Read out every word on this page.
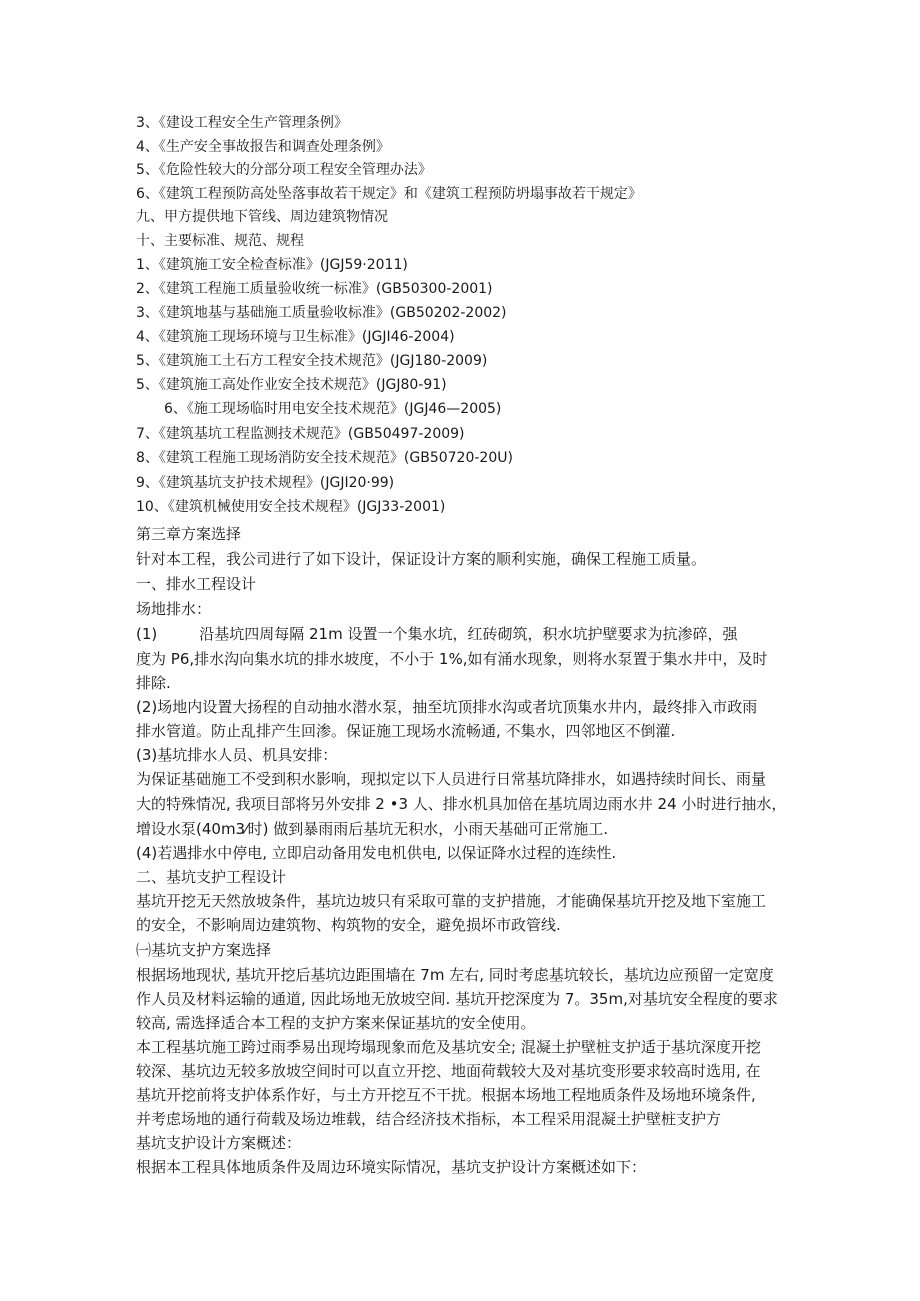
3、《建设工程安全生产管理条例》
4、《生产安全事故报告和调查处理条例》
5、《危险性较大的分部分项工程安全管理办法》
6、《建筑工程预防高处坠落事故若干规定》和《建筑工程预防坍塌事故若干规定》
九、甲方提供地下管线、周边建筑物情况
十、主要标准、规范、规程
1、《建筑施工安全检查标准》(JGJ59·2011)
2、《建筑工程施工质量验收统一标准》(GB50300-2001)
3、《建筑地基与基础施工质量验收标准》(GB50202-2002)
4、《建筑施工现场环境与卫生标准》(JGJI46-2004)
5、《建筑施工土石方工程安全技术规范》(JGJ180-2009)
5、《建筑施工高处作业安全技术规范》(JGJ80-91)
6、《施工现场临时用电安全技术规范》(JGJ46—2005)
7、《建筑基坑工程监测技术规范》(GB50497-2009)
8、《建筑工程施工现场消防安全技术规范》(GB50720-20U)
9、《建筑基坑支护技术规程》(JGJI20·99)
10、《建筑机械使用安全技术规程》(JGJ33-2001)
第三章方案选择
针对本工程，我公司进行了如下设计，保证设计方案的顺利实施，确保工程施工质量。
一、排水工程设计
场地排水：
(1)	沿基坑四周每隔 21m 设置一个集水坑，红砖砌筑，积水坑护壁要求为抗渗碎，强
度为 P6,排水沟向集水坑的排水坡度，不小于 1%,如有涌水现象，则将水泵置于集水井中，及时
排除.
(2)场地内设置大扬程的自动抽水潜水泵，抽至坑顶排水沟或者坑顶集水井内，最终排入市政雨
排水管道。防止乱排产生回渗。保证施工现场水流畅通, 不集水，四邻地区不倒灌.
(3)基坑排水人员、机具安排：
为保证基础施工不受到积水影响，现拟定以下人员进行日常基坑降排水，如遇持续时间长、雨量
大的特殊情况, 我项目部将另外安排 2 •3 人、排水机具加倍在基坑周边雨水井 24 小时进行抽水，
增设水泵(40m3⁄时) 做到暴雨雨后基坑无积水，小雨天基础可正常施工.
(4)若遇排水中停电, 立即启动备用发电机供电, 以保证降水过程的连续性.
二、基坑支护工程设计
基坑开挖无天然放坡条件，基坑边坡只有采取可靠的支护措施，才能确保基坑开挖及地下室施工
的安全，不影响周边建筑物、构筑物的安全，避免损坏市政管线.
㈠基坑支护方案选择
根据场地现状, 基坑开挖后基坑边距围墙在 7m 左右, 同时考虑基坑较长，基坑边应预留一定宽度
作人员及材料运输的通道, 因此场地无放坡空间. 基坑开挖深度为 7。35m,对基坑安全程度的要求
较高, 需选择适合本工程的支护方案来保证基坑的安全使用。
本工程基坑施工跨过雨季易出现垮塌现象而危及基坑安全; 混凝土护壁桩支护适于基坑深度开挖
较深、基坑边无较多放坡空间时可以直立开挖、地面荷载较大及对基坑变形要求较高时选用, 在
基坑开挖前将支护体系作好，与土方开挖互不干扰。根据本场地工程地质条件及场地环境条件,
并考虑场地的通行荷载及场边堆载，结合经济技术指标，本工程采用混凝土护壁桩支护方
基坑支护设计方案概述：
根据本工程具体地质条件及周边环境实际情况，基坑支护设计方案概述如下：
